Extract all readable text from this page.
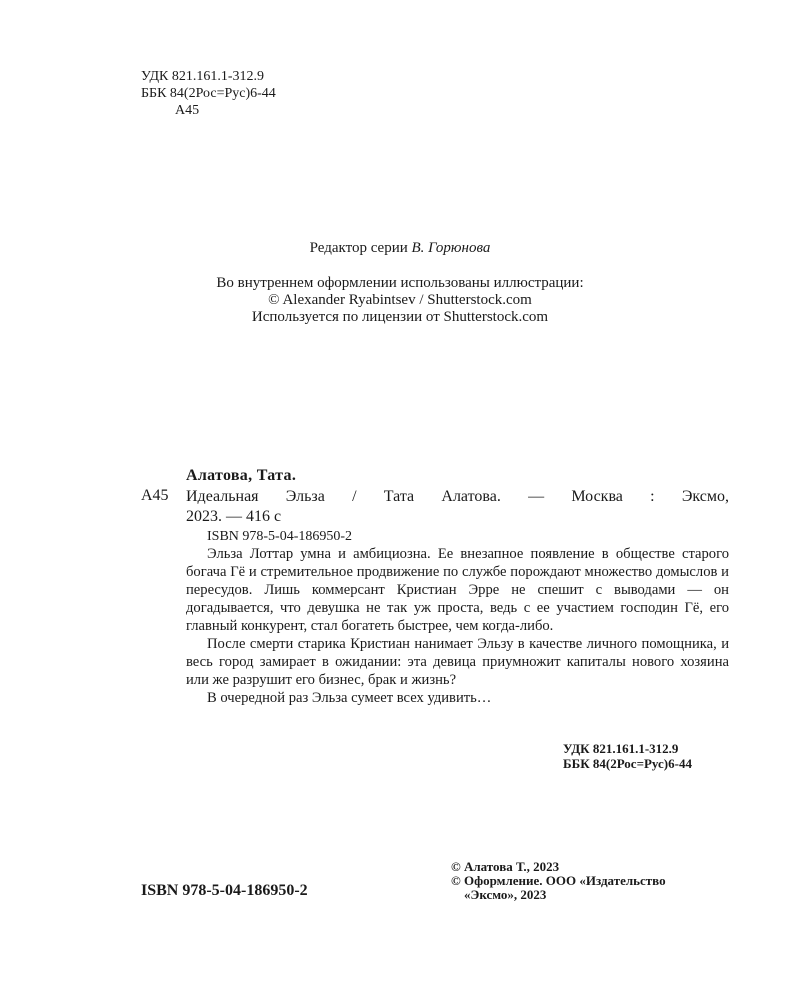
УДК 821.161.1-312.9
ББК 84(2Рос=Рус)6-44
А45
Редактор серии В. Горюнова
Во внутреннем оформлении использованы иллюстрации:
© Alexander Ryabintsev / Shutterstock.com
Используется по лицензии от Shutterstock.com
Алатова, Тата.
А45 Идеальная Эльза / Тата Алатова. — Москва : Эксмо,
2023. — 416 с
ISBN 978-5-04-186950-2

Эльза Лоттар умна и амбициозна. Ее внезапное появление в обществе старого богача Гё и стремительное продвижение по службе порождают множество домыслов и пересудов. Лишь коммерсант Кристиан Эрре не спешит с выводами — он догадывается, что девушка не так уж проста, ведь с ее участием господин Гё, его главный конкурент, стал богатеть быстрее, чем когда-либо.

После смерти старика Кристиан нанимает Эльзу в качестве личного помощника, и весь город замирает в ожидании: эта девица приумножит капиталы нового хозяина или же разрушит его бизнес, брак и жизнь?

В очередной раз Эльза сумеет всех удивить…

УДК 821.161.1-312.9
ББК 84(2Рос=Рус)6-44
ISBN 978-5-04-186950-2
© Алатова Т., 2023
© Оформление. ООО «Издательство
«Эксмо», 2023
